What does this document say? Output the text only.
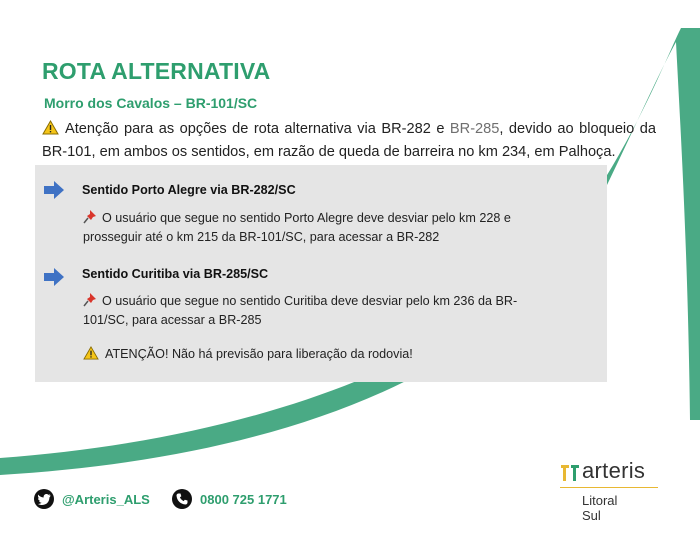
ROTA ALTERNATIVA
Morro dos Cavalos – BR-101/SC

Atenção para as opções de rota alternativa via BR-282 e BR-285, devido ao bloqueio da BR-101, em ambos os sentidos, em razão de queda de barreira no km 234, em Palhoça.

Sentido Porto Alegre via BR-282/SC
O usuário que segue no sentido Porto Alegre deve desviar pelo km 228 e prosseguir até o km 215 da BR-101/SC, para acessar a BR-282
Sentido Curitiba via BR-285/SC
O usuário que segue no sentido Curitiba deve desviar pelo km 236 da BR-101/SC, para acessar a BR-285
ATENÇÃO! Não há previsão para liberação da rodovia!
@Arteris_ALS	0800 725 1771
arteris
Litoral Sul
